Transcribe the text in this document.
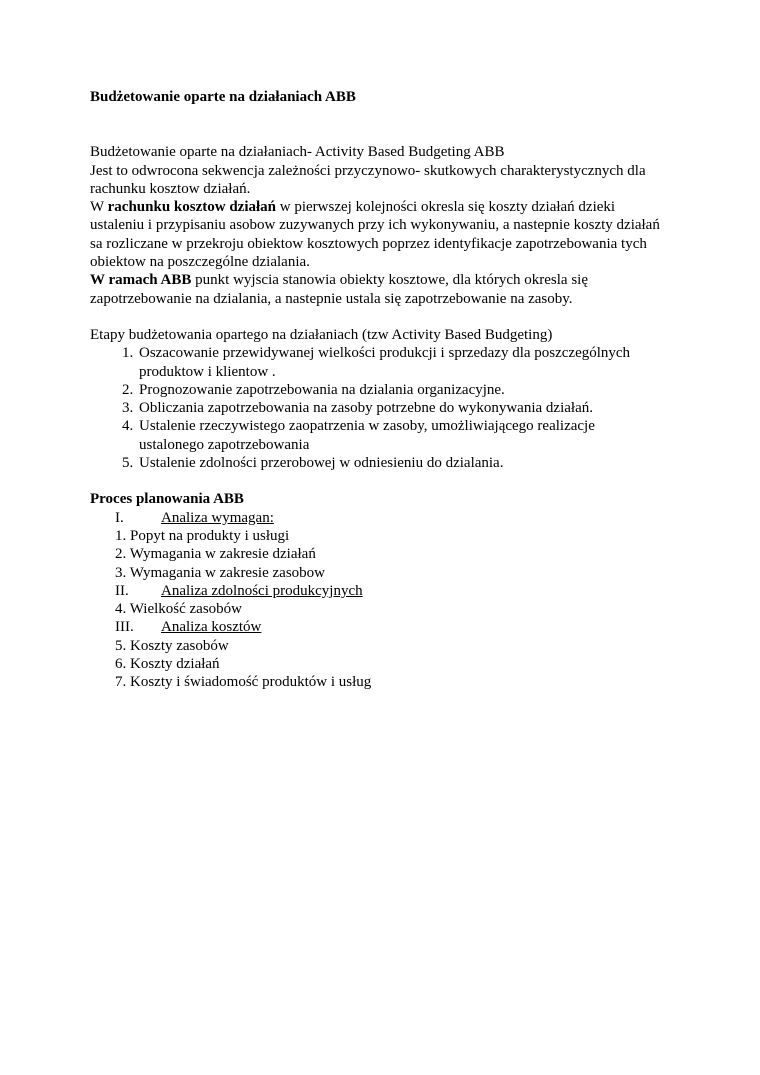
Budżetowanie oparte na działaniach ABB

Budżetowanie oparte na działaniach- Activity Based Budgeting ABB

Jest to odwrocona sekwencja zależności przyczynowo- skutkowych charakterystycznych dla rachunku kosztow działań.

W rachunku kosztow działań w pierwszej kolejności okresla się koszty działań dzieki ustaleniu i przypisaniu asobow zuzywanych przy ich wykonywaniu, a nastepnie koszty działań sa rozliczane w przekroju obiektow kosztowych poprzez identyfikacje zapotrzebowania tych obiektow na poszczególne dzialania.

W ramach ABB punkt wyjscia stanowia obiekty kosztowe, dla których okresla się zapotrzebowanie na dzialania, a nastepnie ustala się zapotrzebowanie na zasoby.

Etapy budżetowania opartego na działaniach (tzw Activity Based Budgeting)

1. Oszacowanie przewidywanej wielkości produkcji i sprzedazy dla poszczególnych produktow i klientow .
2. Prognozowanie zapotrzebowania na dzialania organizacyjne.
3. Obliczania zapotrzebowania na zasoby potrzebne do wykonywania działań.
4. Ustalenie rzeczywistego zaopatrzenia w zasoby, umożliwiającego realizacje ustalonego zapotrzebowania
5. Ustalenie zdolności przerobowej w odniesieniu do dzialania.
Proces planowania ABB
I.	Analiza wymagan:
1. Popyt na produkty i usługi
2. Wymagania w zakresie działań
3. Wymagania w zakresie zasobow
II.	Analiza zdolności produkcyjnych
4. Wielkość zasobów
III.	Analiza kosztów
5. Koszty zasobów
6. Koszty działań
7. Koszty i świadomość produktów i usług
